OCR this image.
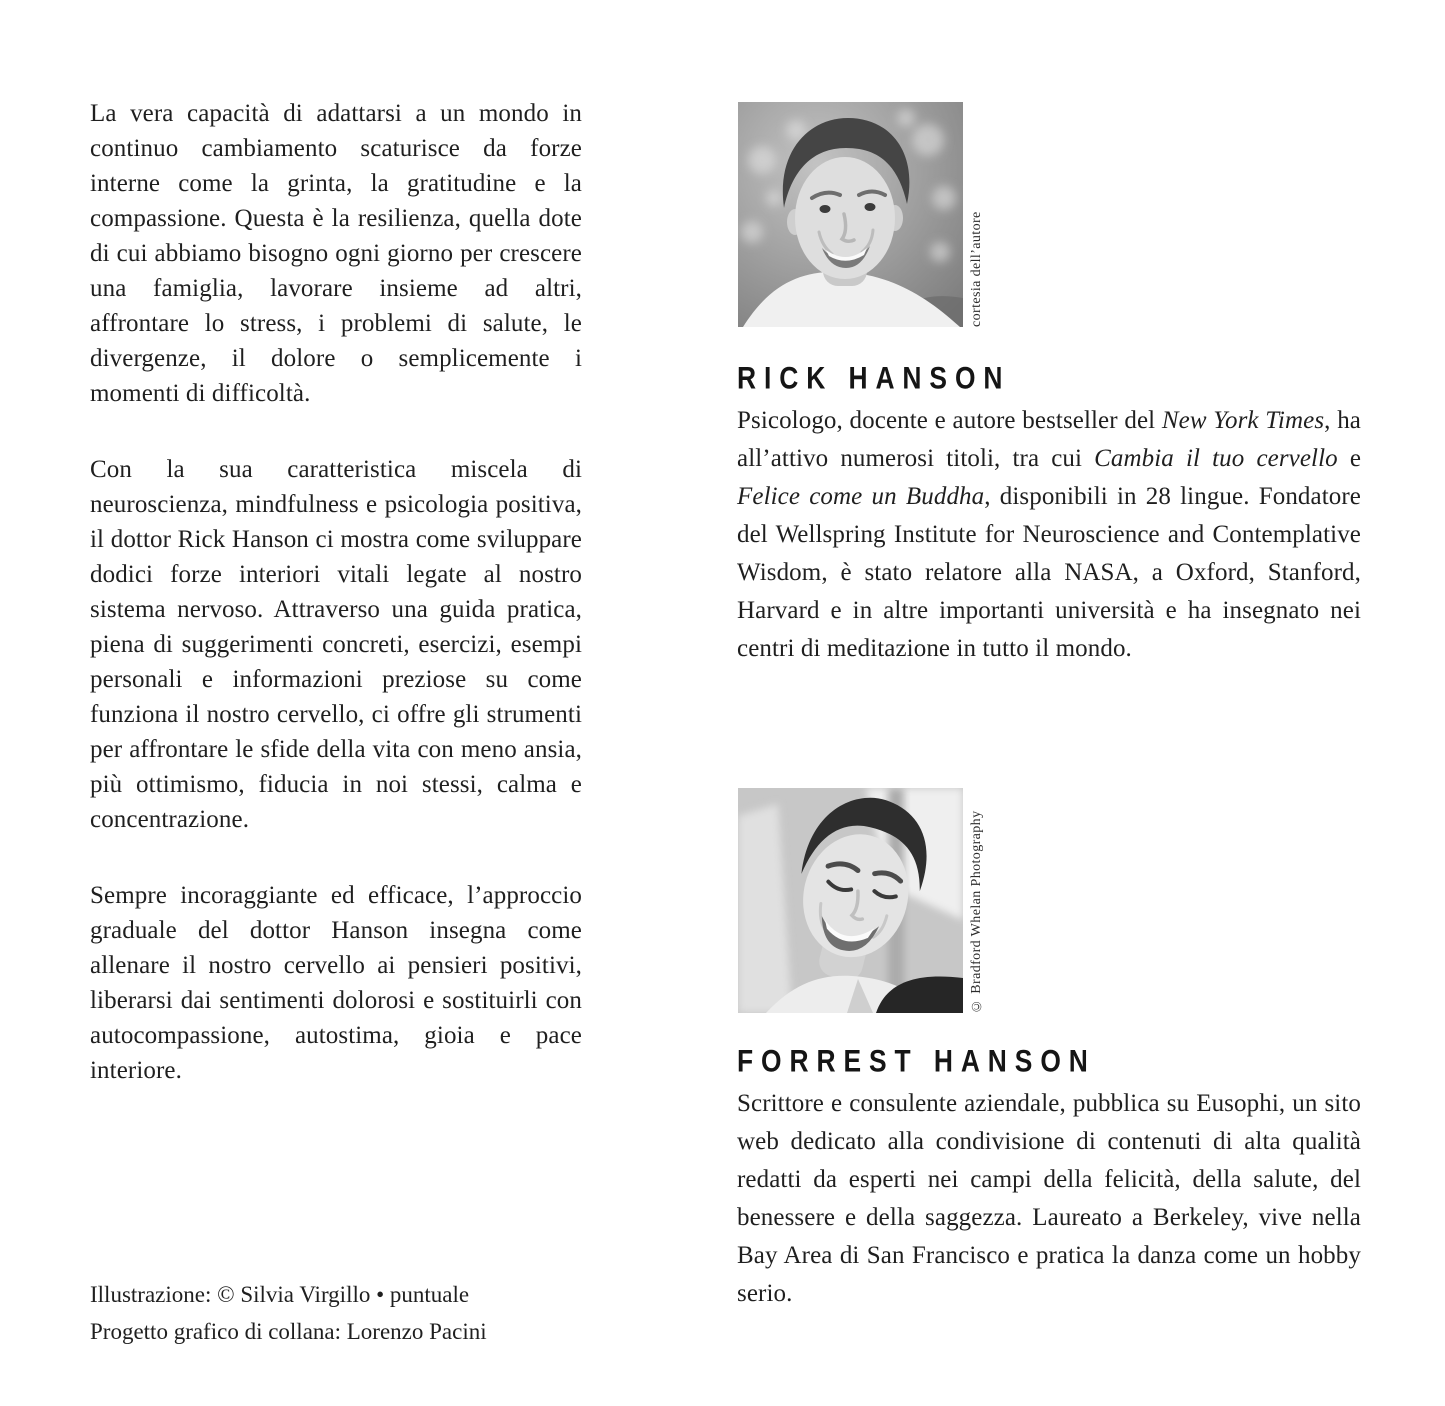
La vera capacità di adattarsi a un mondo in continuo cambiamento scaturisce da forze interne come la grinta, la gratitudine e la compassione. Questa è la resilienza, quella dote di cui abbiamo bisogno ogni giorno per crescere una famiglia, lavorare insieme ad altri, affrontare lo stress, i problemi di salute, le divergenze, il dolore o semplicemente i momenti di difficoltà.

Con la sua caratteristica miscela di neuroscienza, mindfulness e psicologia positiva, il dottor Rick Hanson ci mostra come sviluppare dodici forze interiori vitali legate al nostro sistema nervoso. Attraverso una guida pratica, piena di suggerimenti concreti, esercizi, esempi personali e informazioni preziose su come funziona il nostro cervello, ci offre gli strumenti per affrontare le sfide della vita con meno ansia, più ottimismo, fiducia in noi stessi, calma e concentrazione.

Sempre incoraggiante ed efficace, l’approccio graduale del dottor Hanson insegna come allenare il nostro cervello ai pensieri positivi, liberarsi dai sentimenti dolorosi e sostituirli con autocompassione, autostima, gioia e pace interiore.

Illustrazione: © Silvia Virgillo • puntuale

Progetto grafico di collana: Lorenzo Pacini

cortesia dell’autore
RICK HANSON

Psicologo, docente e autore bestseller del New York Times, ha all’attivo numerosi titoli, tra cui Cambia il tuo cervello e Felice come un Buddha, disponibili in 28 lingue. Fondatore del Wellspring Institute for Neuroscience and Contemplative Wisdom, è stato relatore alla NASA, a Oxford, Stanford, Harvard e in altre importanti università e ha insegnato nei centri di meditazione in tutto il mondo.

© Bradford Whelan Photography
FORREST HANSON

Scrittore e consulente aziendale, pubblica su Eusophi, un sito web dedicato alla condivisione di contenuti di alta qualità redatti da esperti nei campi della felicità, della salute, del benessere e della saggezza. Laureato a Berkeley, vive nella Bay Area di San Francisco e pratica la danza come un hobby serio.
